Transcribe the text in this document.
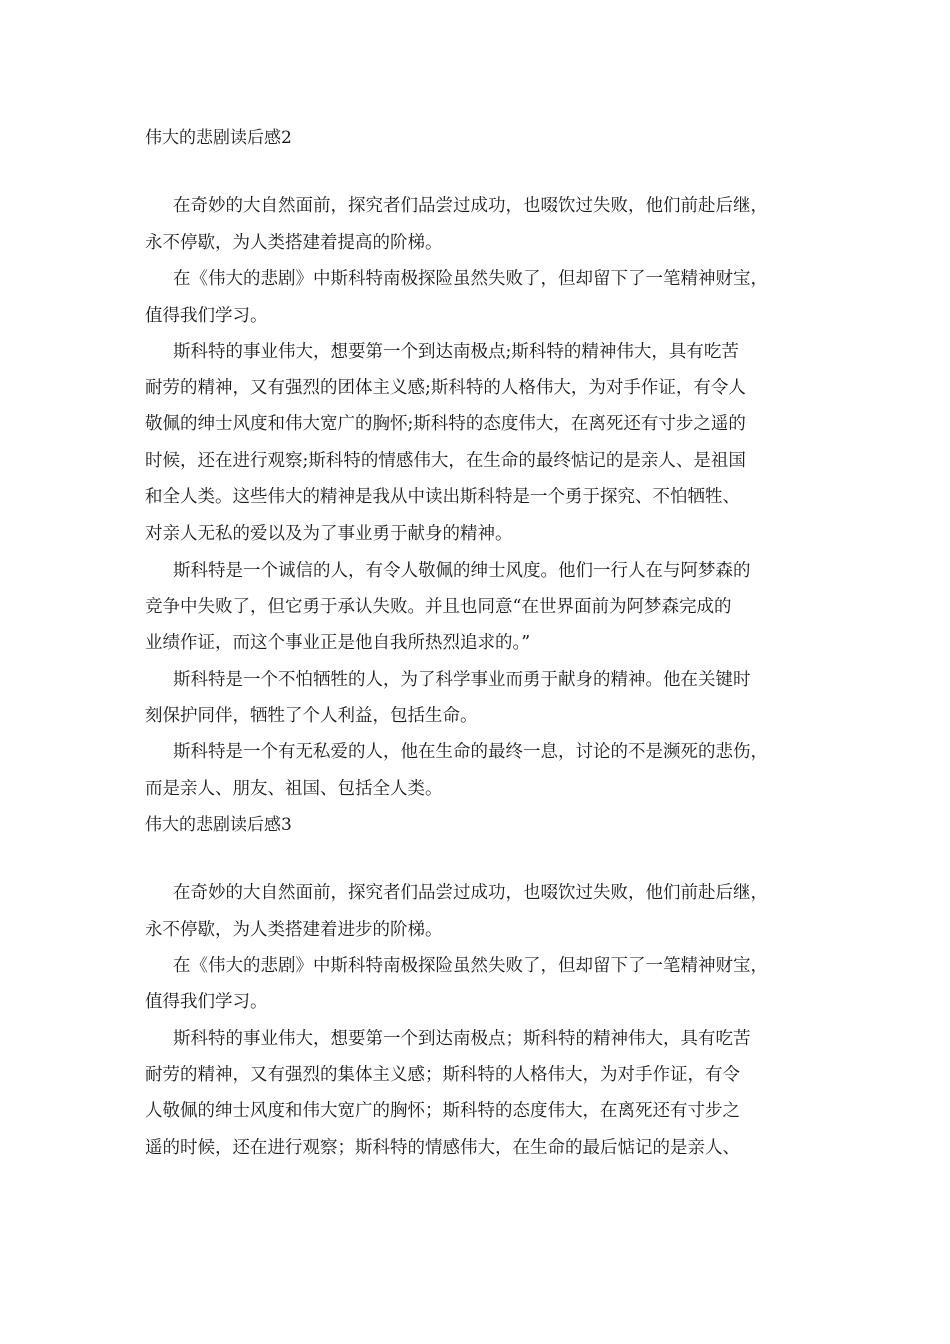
伟大的悲剧读后感2
在奇妙的大自然面前，探究者们品尝过成功，也啜饮过失败，他们前赴后继，
永不停歇，为人类搭建着提高的阶梯。
在《伟大的悲剧》中斯科特南极探险虽然失败了，但却留下了一笔精神财宝，
值得我们学习。
斯科特的事业伟大，想要第一个到达南极点;斯科特的精神伟大，具有吃苦
耐劳的精神，又有强烈的团体主义感;斯科特的人格伟大，为对手作证，有令人
敬佩的绅士风度和伟大宽广的胸怀;斯科特的态度伟大，在离死还有寸步之遥的
时候，还在进行观察;斯科特的情感伟大，在生命的最终惦记的是亲人、是祖国
和全人类。这些伟大的精神是我从中读出斯科特是一个勇于探究、不怕牺牲、
对亲人无私的爱以及为了事业勇于献身的精神。
斯科特是一个诚信的人，有令人敬佩的绅士风度。他们一行人在与阿梦森的
竞争中失败了，但它勇于承认失败。并且也同意“在世界面前为阿梦森完成的
业绩作证，而这个事业正是他自我所热烈追求的。”
斯科特是一个不怕牺牲的人，为了科学事业而勇于献身的精神。他在关键时
刻保护同伴，牺牲了个人利益，包括生命。
斯科特是一个有无私爱的人，他在生命的最终一息，讨论的不是濒死的悲伤，
而是亲人、朋友、祖国、包括全人类。
伟大的悲剧读后感3
在奇妙的大自然面前，探究者们品尝过成功，也啜饮过失败，他们前赴后继，
永不停歇，为人类搭建着进步的阶梯。
在《伟大的悲剧》中斯科特南极探险虽然失败了，但却留下了一笔精神财宝，
值得我们学习。
斯科特的事业伟大，想要第一个到达南极点；斯科特的精神伟大，具有吃苦
耐劳的精神，又有强烈的集体主义感；斯科特的人格伟大，为对手作证，有令
人敬佩的绅士风度和伟大宽广的胸怀；斯科特的态度伟大，在离死还有寸步之
遥的时候，还在进行观察；斯科特的情感伟大，在生命的最后惦记的是亲人、
